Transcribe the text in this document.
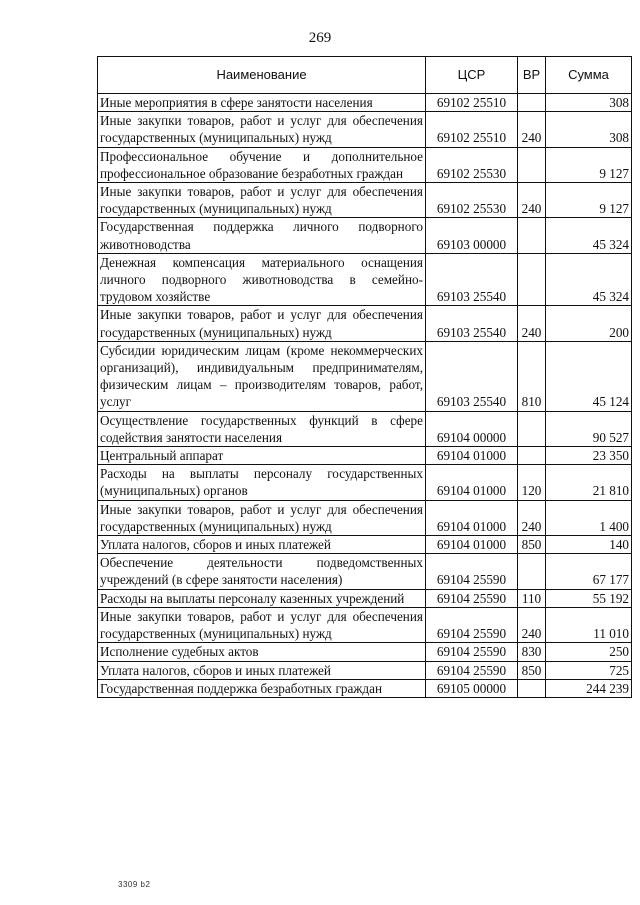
269
Наименование	ЦСР	ВР	Сумма
Иные мероприятия в сфере занятости населения	69102 25510		308
Иные закупки товаров, работ и услуг для обеспечения государственных (муниципальных) нужд	69102 25510	240	308
Профессиональное обучение и дополнительное профессиональное образование безработных граждан	69102 25530		9 127
Иные закупки товаров, работ и услуг для обеспечения государственных (муниципальных) нужд	69102 25530	240	9 127
Государственная поддержка личного подворного животноводства	69103 00000		45 324
Денежная компенсация материального оснащения личного подворного животноводства в семейно-трудовом хозяйстве	69103 25540		45 324
Иные закупки товаров, работ и услуг для обеспечения государственных (муниципальных) нужд	69103 25540	240	200
Субсидии юридическим лицам (кроме некоммерческих организаций), индивидуальным предпринимателям, физическим лицам – производителям товаров, работ, услуг	69103 25540	810	45 124
Осуществление государственных функций в сфере содействия занятости населения	69104 00000		90 527
Центральный аппарат	69104 01000		23 350
Расходы на выплаты персоналу государственных (муниципальных) органов	69104 01000	120	21 810
Иные закупки товаров, работ и услуг для обеспечения государственных (муниципальных) нужд	69104 01000	240	1 400
Уплата налогов, сборов и иных платежей	69104 01000	850	140
Обеспечение деятельности подведомственных учреждений (в сфере занятости населения)	69104 25590		67 177
Расходы на выплаты персоналу казенных учреждений	69104 25590	110	55 192
Иные закупки товаров, работ и услуг для обеспечения государственных (муниципальных) нужд	69104 25590	240	11 010
Исполнение судебных актов	69104 25590	830	250
Уплата налогов, сборов и иных платежей	69104 25590	850	725
Государственная поддержка безработных граждан	69105 00000		244 239
3309 b2
